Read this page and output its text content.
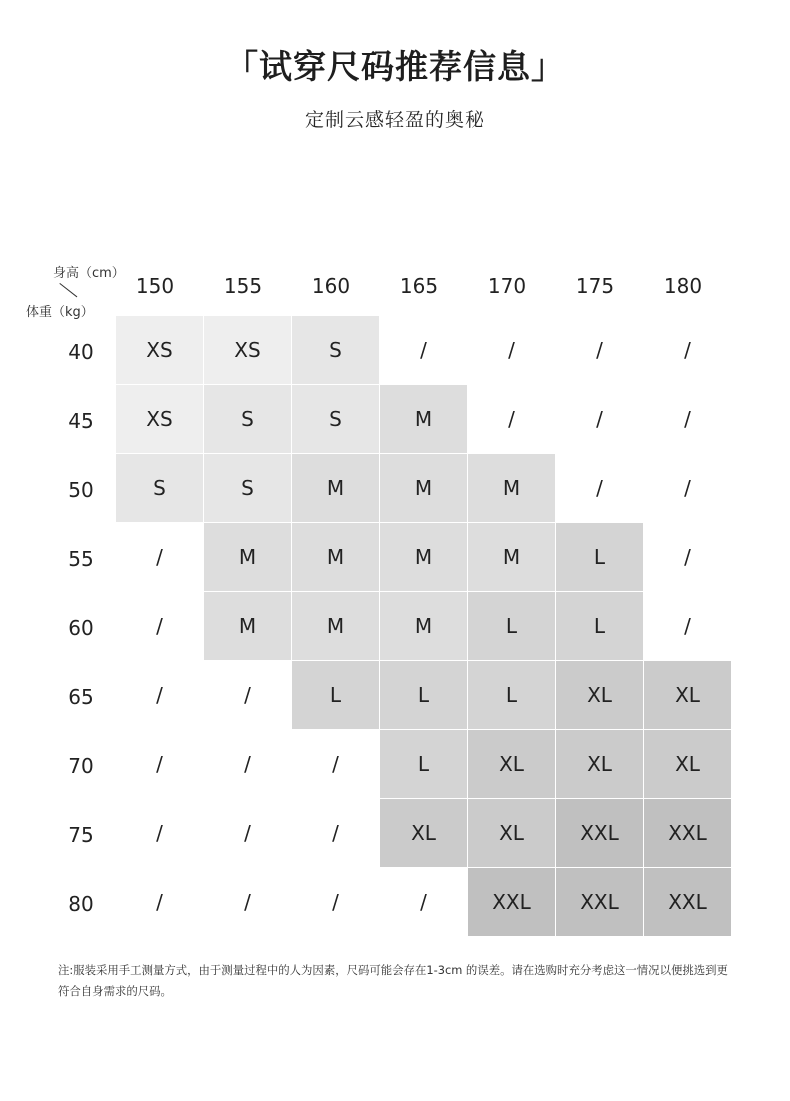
「试穿尺码推荐信息」
定制云感轻盈的奥秘
身高（cm）
体重（kg）
150	155	160	165	170	175	180
40	XS	XS	S	/	/	/	/
45	XS	S	S	M	/	/	/
50	S	S	M	M	M	/	/
55	/	M	M	M	M	L	/
60	/	M	M	M	L	L	/
65	/	/	L	L	L	XL	XL
70	/	/	/	L	XL	XL	XL
75	/	/	/	XL	XL	XXL	XXL
80	/	/	/	/	XXL	XXL	XXL
注:服装采用手工测量方式，由于测量过程中的人为因素，尺码可能会存在1-3cm 的误差。请在选购时充分考虑这一情况以便挑选到更符合自身需求的尺码。
